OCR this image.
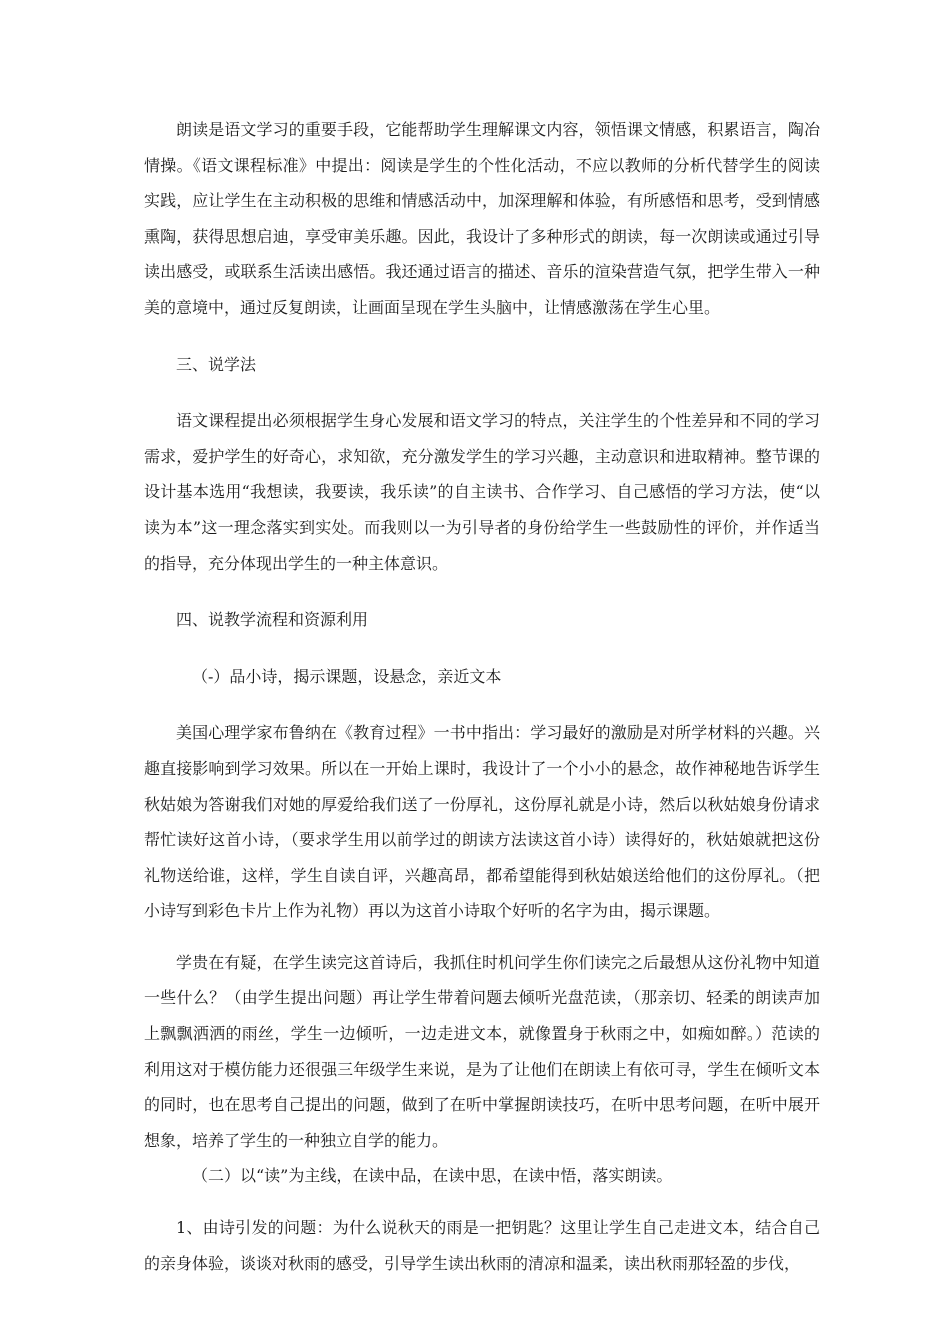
朗读是语文学习的重要手段，它能帮助学生理解课文内容，领悟课文情感，积累语言，陶冶情操。《语文课程标准》中提出：阅读是学生的个性化活动，不应以教师的分析代替学生的阅读实践，应让学生在主动积极的思维和情感活动中，加深理解和体验，有所感悟和思考，受到情感熏陶，获得思想启迪，享受审美乐趣。因此，我设计了多种形式的朗读，每一次朗读或通过引导读出感受，或联系生活读出感悟。我还通过语言的描述、音乐的渲染营造气氛，把学生带入一种美的意境中，通过反复朗读，让画面呈现在学生头脑中，让情感激荡在学生心里。

三、说学法

语文课程提出必须根据学生身心发展和语文学习的特点，关注学生的个性差异和不同的学习需求，爱护学生的好奇心，求知欲，充分激发学生的学习兴趣，主动意识和进取精神。整节课的设计基本选用“我想读，我要读，我乐读”的自主读书、合作学习、自己感悟的学习方法，使“以读为本”这一理念落实到实处。而我则以一为引导者的身份给学生一些鼓励性的评价，并作适当的指导，充分体现出学生的一种主体意识。

四、说教学流程和资源利用

（-）品小诗，揭示课题，设悬念，亲近文本

美国心理学家布鲁纳在《教育过程》一书中指出：学习最好的激励是对所学材料的兴趣。兴趣直接影响到学习效果。所以在一开始上课时，我设计了一个小小的悬念，故作神秘地告诉学生秋姑娘为答谢我们对她的厚爱给我们送了一份厚礼，这份厚礼就是小诗，然后以秋姑娘身份请求帮忙读好这首小诗，（要求学生用以前学过的朗读方法读这首小诗）读得好的，秋姑娘就把这份礼物送给谁，这样，学生自读自评，兴趣高昂，都希望能得到秋姑娘送给他们的这份厚礼。（把小诗写到彩色卡片上作为礼物）再以为这首小诗取个好听的名字为由，揭示课题。

学贵在有疑，在学生读完这首诗后，我抓住时机问学生你们读完之后最想从这份礼物中知道一些什么？（由学生提出问题）再让学生带着问题去倾听光盘范读，（那亲切、轻柔的朗读声加上飘飘洒洒的雨丝，学生一边倾听，一边走进文本，就像置身于秋雨之中，如痴如醉。）范读的利用这对于模仿能力还很强三年级学生来说，是为了让他们在朗读上有依可寻，学生在倾听文本的同时，也在思考自己提出的问题，做到了在听中掌握朗读技巧，在听中思考问题，在听中展开想象，培养了学生的一种独立自学的能力。

（二）以“读”为主线，在读中品，在读中思，在读中悟，落实朗读。

1、由诗引发的问题：为什么说秋天的雨是一把钥匙？这里让学生自己走进文本，结合自己的亲身体验，谈谈对秋雨的感受，引导学生读出秋雨的清凉和温柔，读出秋雨那轻盈的步伐，
